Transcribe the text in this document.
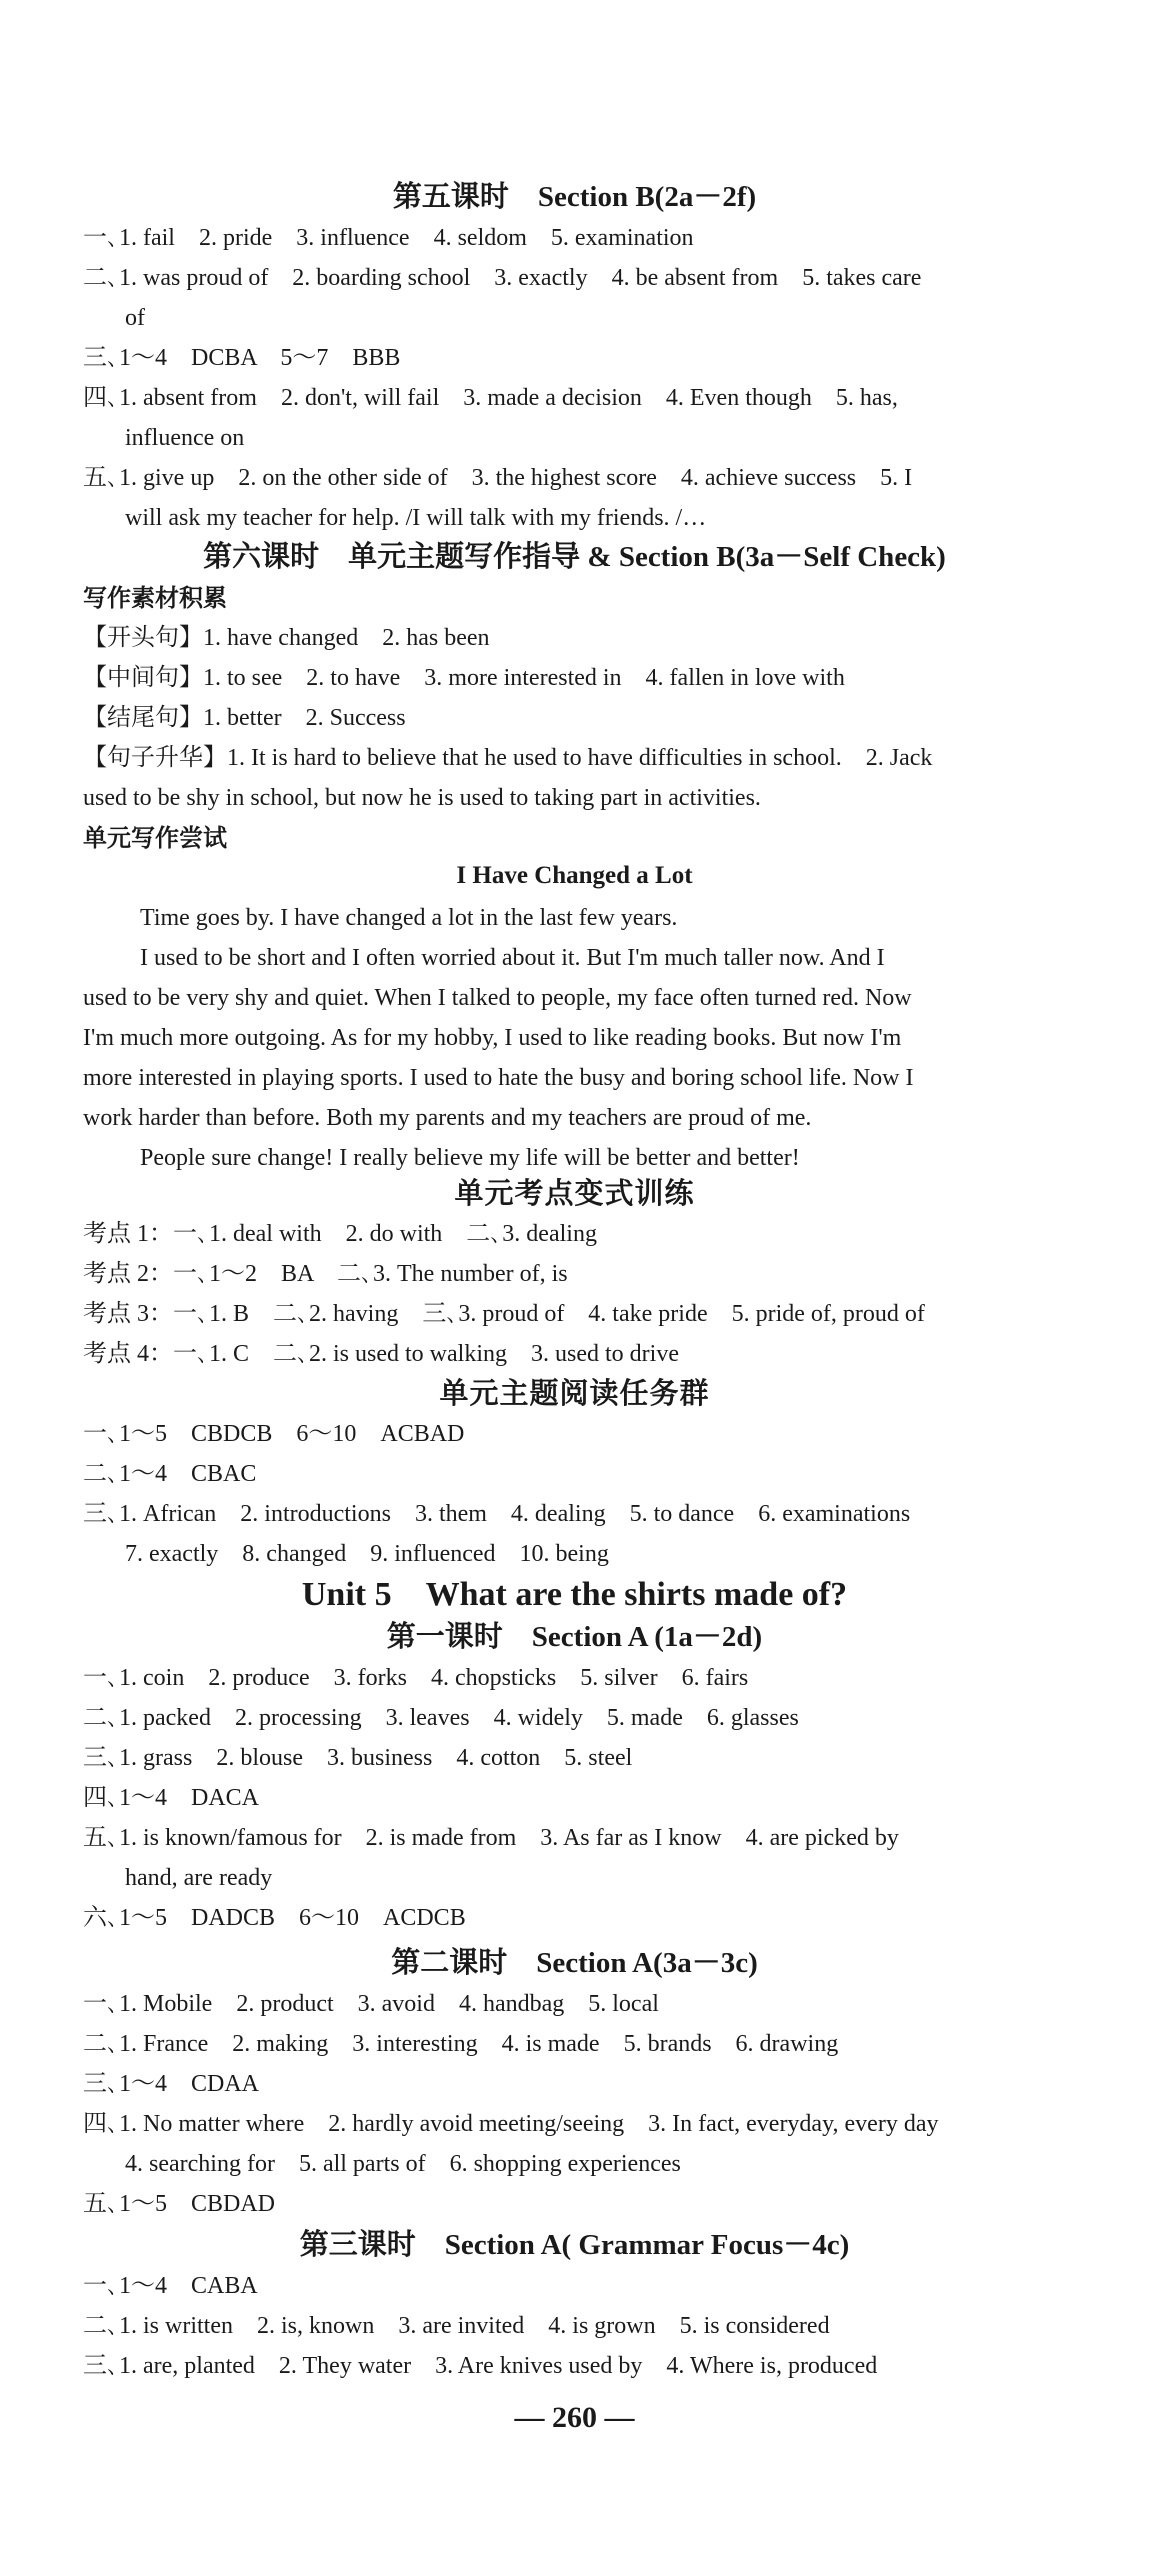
第五课时　Section B(2a－2f)
一､1. fail　2. pride　3. influence　4. seldom　5. examination
二､1. was proud of　2. boarding school　3. exactly　4. be absent from　5. takes care
of
三､1～4　DCBA　5～7　BBB
四､1. absent from　2. don't, will fail　3. made a decision　4. Even though　5. has,
influence on
五､1. give up　2. on the other side of　3. the highest score　4. achieve success　5. I
will ask my teacher for help. /I will talk with my friends. /…
第六课时　单元主题写作指导 & Section B(3a－Self Check)
写作素材积累
【开头句】1. have changed　2. has been
【中间句】1. to see　2. to have　3. more interested in　4. fallen in love with
【结尾句】1. better　2. Success
【句子升华】1. It is hard to believe that he used to have difficulties in school.　2. Jack
used to be shy in school, but now he is used to taking part in activities.
单元写作尝试
I Have Changed a Lot
Time goes by. I have changed a lot in the last few years.
I used to be short and I often worried about it. But I'm much taller now. And I
used to be very shy and quiet. When I talked to people, my face often turned red. Now
I'm much more outgoing. As for my hobby, I used to like reading books. But now I'm
more interested in playing sports. I used to hate the busy and boring school life. Now I
work harder than before. Both my parents and my teachers are proud of me.
People sure change! I really believe my life will be better and better!
单元考点变式训练
考点 1：一､1. deal with　2. do with　二､3. dealing
考点 2：一､1～2　BA　二､3. The number of, is
考点 3：一､1. B　二､2. having　三､3. proud of　4. take pride　5. pride of, proud of
考点 4：一､1. C　二､2. is used to walking　3. used to drive
单元主题阅读任务群
一､1～5　CBDCB　6～10　ACBAD
二､1～4　CBAC
三､1. African　2. introductions　3. them　4. dealing　5. to dance　6. examinations
7. exactly　8. changed　9. influenced　10. being
Unit 5　What are the shirts made of?
第一课时　Section A (1a－2d)
一､1. coin　2. produce　3. forks　4. chopsticks　5. silver　6. fairs
二､1. packed　2. processing　3. leaves　4. widely　5. made　6. glasses
三､1. grass　2. blouse　3. business　4. cotton　5. steel
四､1～4　DACA
五､1. is known/famous for　2. is made from　3. As far as I know　4. are picked by
hand, are ready
六､1～5　DADCB　6～10　ACDCB
第二课时　Section A(3a－3c)
一､1. Mobile　2. product　3. avoid　4. handbag　5. local
二､1. France　2. making　3. interesting　4. is made　5. brands　6. drawing
三､1～4　CDAA
四､1. No matter where　2. hardly avoid meeting/seeing　3. In fact, everyday, every day
4. searching for　5. all parts of　6. shopping experiences
五､1～5　CBDAD
第三课时　Section A( Grammar Focus－4c)
一､1～4　CABA
二､1. is written　2. is, known　3. are invited　4. is grown　5. is considered
三､1. are, planted　2. They water　3. Are knives used by　4. Where is, produced
— 260 —
